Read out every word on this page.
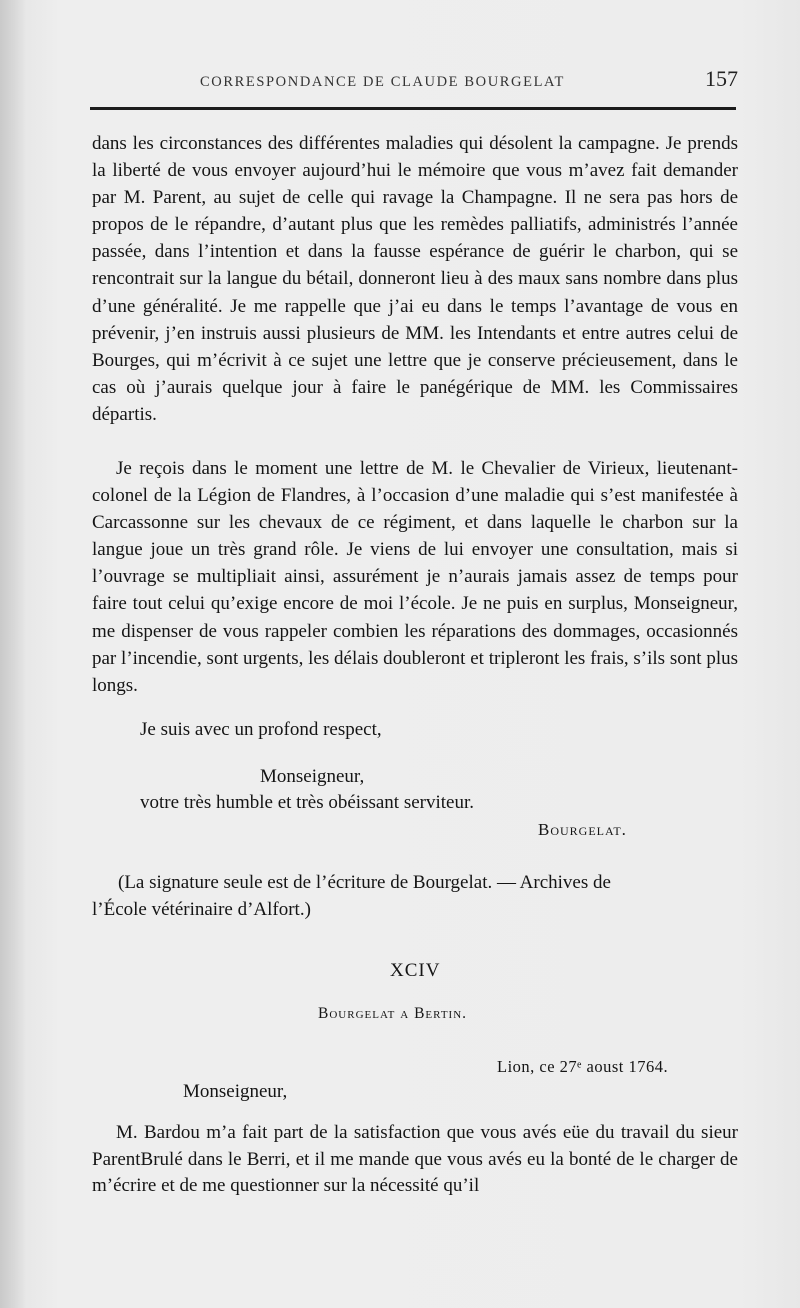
CORRESPONDANCE DE CLAUDE BOURGELAT	157

dans les circonstances des différentes maladies qui désolent la campagne. Je prends la liberté de vous envoyer aujourd’hui le mémoire que vous m’avez fait demander par M. Parent, au sujet de celle qui ravage la Champagne. Il ne sera pas hors de propos de le répandre, d’autant plus que les remèdes palliatifs, administrés l’année passée, dans l’intention et dans la fausse espérance de guérir le charbon, qui se rencontrait sur la langue du bétail, donneront lieu à des maux sans nombre dans plus d’une généralité. Je me rappelle que j’ai eu dans le temps l’avantage de vous en prévenir, j’en instruis aussi plusieurs de MM. les Intendants et entre autres celui de Bourges, qui m’écrivit à ce sujet une lettre que je conserve précieusement, dans le cas où j’aurais quelque jour à faire le panégérique de MM. les Commissaires départis.

Je reçois dans le moment une lettre de M. le Chevalier de Virieux, lieutenant-colonel de la Légion de Flandres, à l’occasion d’une maladie qui s’est manifestée à Carcassonne sur les chevaux de ce régiment, et dans laquelle le charbon sur la langue joue un très grand rôle. Je viens de lui envoyer une consultation, mais si l’ouvrage se multipliait ainsi, assurément je n’aurais jamais assez de temps pour faire tout celui qu’exige encore de moi l’école. Je ne puis en surplus, Monseigneur, me dispenser de vous rappeler combien les réparations des dommages, occasionnés par l’incendie, sont urgents, les délais doubleront et tripleront les frais, s’ils sont plus longs.

Je suis avec un profond respect,

Monseigneur,

votre très humble et très obéissant serviteur.

Bourgelat.

(La signature seule est de l’écriture de Bourgelat. — Archives de

l’École vétérinaire d’Alfort.)

XCIV

Bourgelat a Bertin.

Lion, ce 27ᵉ aoust 1764.

Monseigneur,

M. Bardou m’a fait part de la satisfaction que vous avés eüe du travail du sieur ParentBrulé dans le Berri, et il me mande que vous avés eu la bonté de le charger de m’écrire et de me questionner sur la nécessité qu’il
